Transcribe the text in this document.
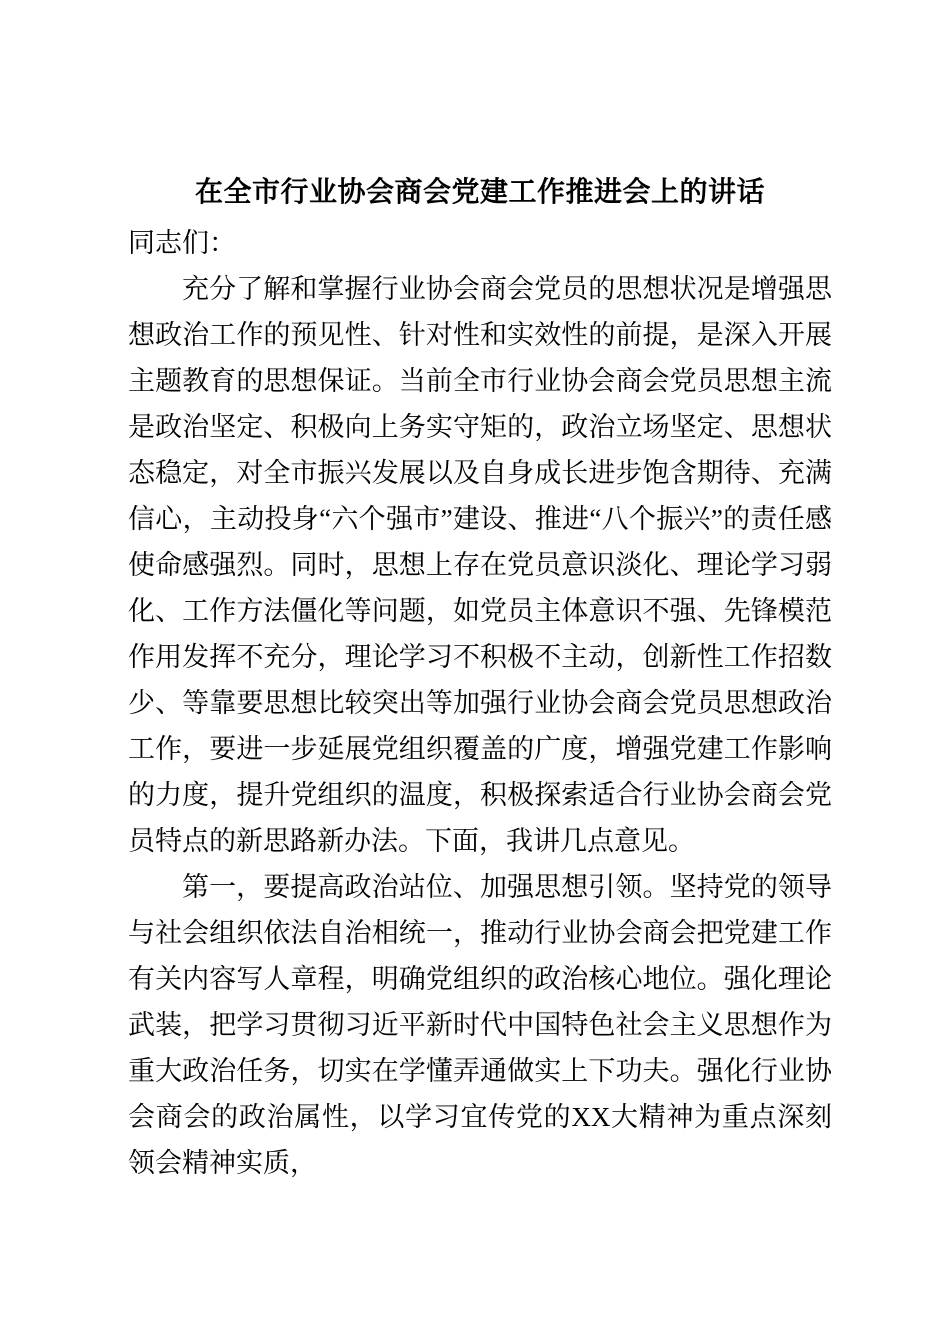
在全市行业协会商会党建工作推进会上的讲话

同志们：

充分了解和掌握行业协会商会党员的思想状况是增强思想政治工作的预见性、针对性和实效性的前提，是深入开展主题教育的思想保证。当前全市行业协会商会党员思想主流是政治坚定、积极向上务实守矩的，政治立场坚定、思想状态稳定，对全市振兴发展以及自身成长进步饱含期待、充满信心，主动投身“六个强市”建设、推进“八个振兴”的责任感使命感强烈。同时，思想上存在党员意识淡化、理论学习弱化、工作方法僵化等问题，如党员主体意识不强、先锋模范作用发挥不充分，理论学习不积极不主动，创新性工作招数少、等靠要思想比较突出等加强行业协会商会党员思想政治工作，要进一步延展党组织覆盖的广度，增强党建工作影响的力度，提升党组织的温度，积极探索适合行业协会商会党员特点的新思路新办法。下面，我讲几点意见。

第一，要提高政治站位、加强思想引领。坚持党的领导与社会组织依法自治相统一，推动行业协会商会把党建工作有关内容写人章程，明确党组织的政治核心地位。强化理论武装，把学习贯彻习近平新时代中国特色社会主义思想作为重大政治任务，切实在学懂弄通做实上下功夫。强化行业协会商会的政治属性，以学习宜传党的XX大精神为重点深刻领会精神实质，
